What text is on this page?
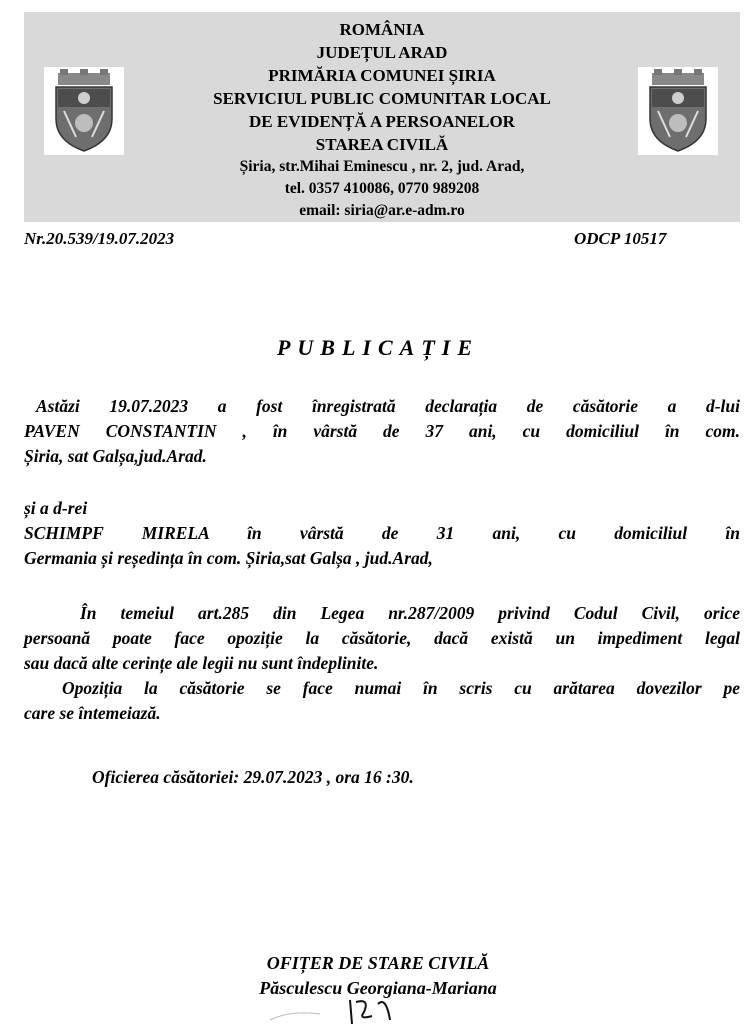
ROMÂNIA
JUDEȚUL ARAD
PRIMĂRIA COMUNEI ȘIRIA
SERVICIUL PUBLIC COMUNITAR LOCAL
DE EVIDENȚĂ A PERSOANELOR
STAREA CIVILĂ
Șiria, str.Mihai Eminescu , nr. 2, jud. Arad,
tel. 0357 410086, 0770 989208
email: siria@ar.e-adm.ro
Nr.20.539/19.07.2023	ODCP 10517
PUBLICAȚIE
Astăzi 19.07.2023 a fost înregistrată declarația de căsătorie a d-lui
PAVEN CONSTANTIN , în vârstă de 37 ani, cu domiciliul în com.
Șiria, sat Galșa,jud.Arad.
și a d-rei
SCHIMPF MIRELA în vârstă de 31 ani, cu domiciliul în
Germania și reședința în com. Șiria,sat Galșa , jud.Arad,
În temeiul art.285 din Legea nr.287/2009 privind Codul Civil, orice
persoană poate face opoziție la căsătorie, dacă există un impediment legal
sau dacă alte cerințe ale legii nu sunt îndeplinite.
Opoziția la căsătorie se face numai în scris cu arătarea dovezilor pe
care se întemeiază.
Oficierea căsătoriei: 29.07.2023 , ora 16 :30.
OFIȚER DE STARE CIVILĂ
Păsculescu Georgiana-Mariana
